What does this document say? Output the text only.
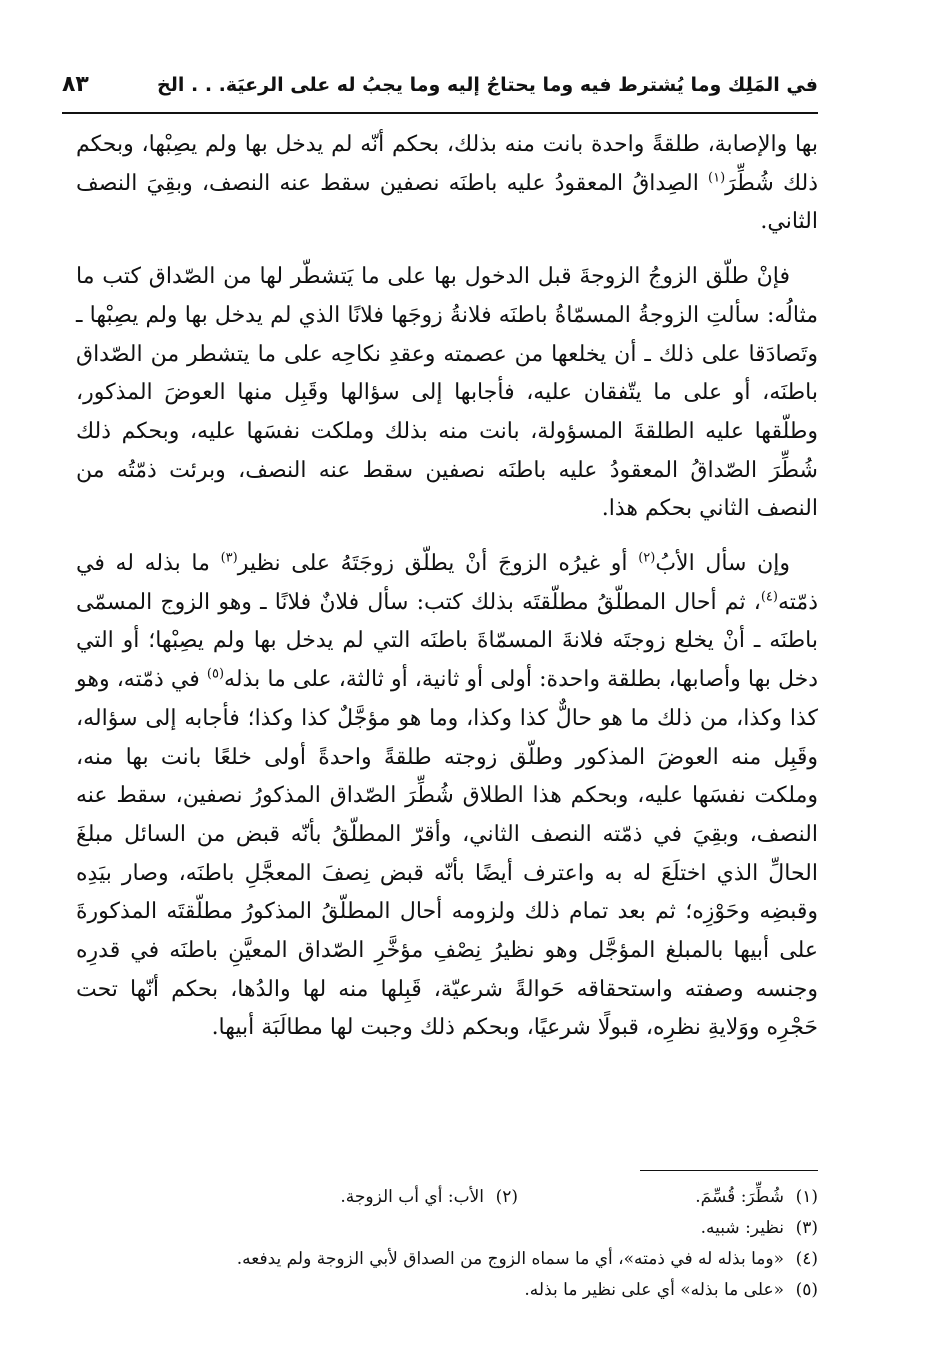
في المَلِك وما يُشترط فيه وما يحتاجُ إليه وما يجبُ له على الرعيَة. . . الخ
٨٣

بها والإصابة، طلقةً واحدة بانت منه بذلك، بحكم أنّه لم يدخل بها ولم يصِبْها، وبحكم ذلك شُطِّرَ$^{(١)}$ الصِداقُ المعقودُ عليه باطنَه نصفين سقط عنه النصف، وبقِيَ النصف الثاني.

فإنْ طلّق الزوجُ الزوجةَ قبل الدخول بها على ما يَتشطّر لها من الصّداق كتب ما مثالُه: سألتِ الزوجةُ المسمّاةُ باطنَه فلانةُ زوجَها فلانًا الذي لم يدخل بها ولم يصِبْها ـ وتَصادَقا على ذلك ـ أن يخلعها من عصمته وعقدِ نكاحِه على ما يتشطر من الصّداق باطنَه، أو على ما يتّفقان عليه، فأجابها إلى سؤالها وقَبِل منها العوضَ المذكور، وطلّقها عليه الطلقةَ المسؤولة، بانت منه بذلك وملكت نفسَها عليه، وبحكم ذلك شُطِّرَ الصّداقُ المعقودُ عليه باطنَه نصفين سقط عنه النصف، وبرئت ذمّتُه من النصف الثاني بحكم هذا.

وإن سأل الأبُ$^{(٢)}$ أو غيرُه الزوجَ أنْ يطلّق زوجَتَهُ على نظير$^{(٣)}$ ما بذله له في ذمّته$^{(٤)}$، ثم أحال المطلّقُ مطلّقتَه بذلك كتب: سأل فلانٌ فلانًا ـ وهو الزوج المسمّى باطنَه ـ أنْ يخلع زوجتَه فلانةَ المسمّاةَ باطنَه التي لم يدخل بها ولم يصِبْها؛ أو التي دخل بها وأصابها، بطلقة واحدة: أولى أو ثانية، أو ثالثة، على ما بذله$^{(٥)}$ في ذمّته، وهو كذا وكذا، من ذلك ما هو حالٌّ كذا وكذا، وما هو مؤجَّلٌ كذا وكذا؛ فأجابه إلى سؤاله، وقَبِل منه العوضَ المذكور وطلّق زوجته طلقةً واحدةً أولى خلعًا بانت بها منه، وملكت نفسَها عليه، وبحكم هذا الطلاق شُطِّرَ الصّداق المذكورُ نصفين، سقط عنه النصف، وبقِيَ في ذمّته النصف الثاني، وأقرّ المطلّقُ بأنّه قبض من السائل مبلغَ الحالِّ الذي اختلَعَ له به واعترف أيضًا بأنّه قبض نِصفَ المعجَّلِ باطنَه، وصار بيَدِه وقبضِه وحَوْزِه؛ ثم بعد تمام ذلك ولزومه أحال المطلّقُ المذكورُ مطلّقتَه المذكورةَ على أبيها بالمبلغ المؤجَّل وهو نظيرُ نِصْفِ مؤخَّرِ الصّداق المعيَّنِ باطنَه في قدرِه وجنسه وصفته واستحقاقه حَوالةً شرعيّة، قَبِلها منه لها والدُها، بحكم أنّها تحت حَجْرِه ووَلايةِ نظرِه، قبولًا شرعيًا، وبحكم ذلك وجبت لها مطالَبَة أبيها.

(١)شُطِّرَ: قُسِّمَ.
(٢)الأب: أي أب الزوجة.
(٣)نظير: شبيه.
(٤)«وما بذله له في ذمته»، أي ما سماه الزوج من الصداق لأبي الزوجة ولم يدفعه.
(٥)«على ما بذله» أي على نظير ما بذله.
